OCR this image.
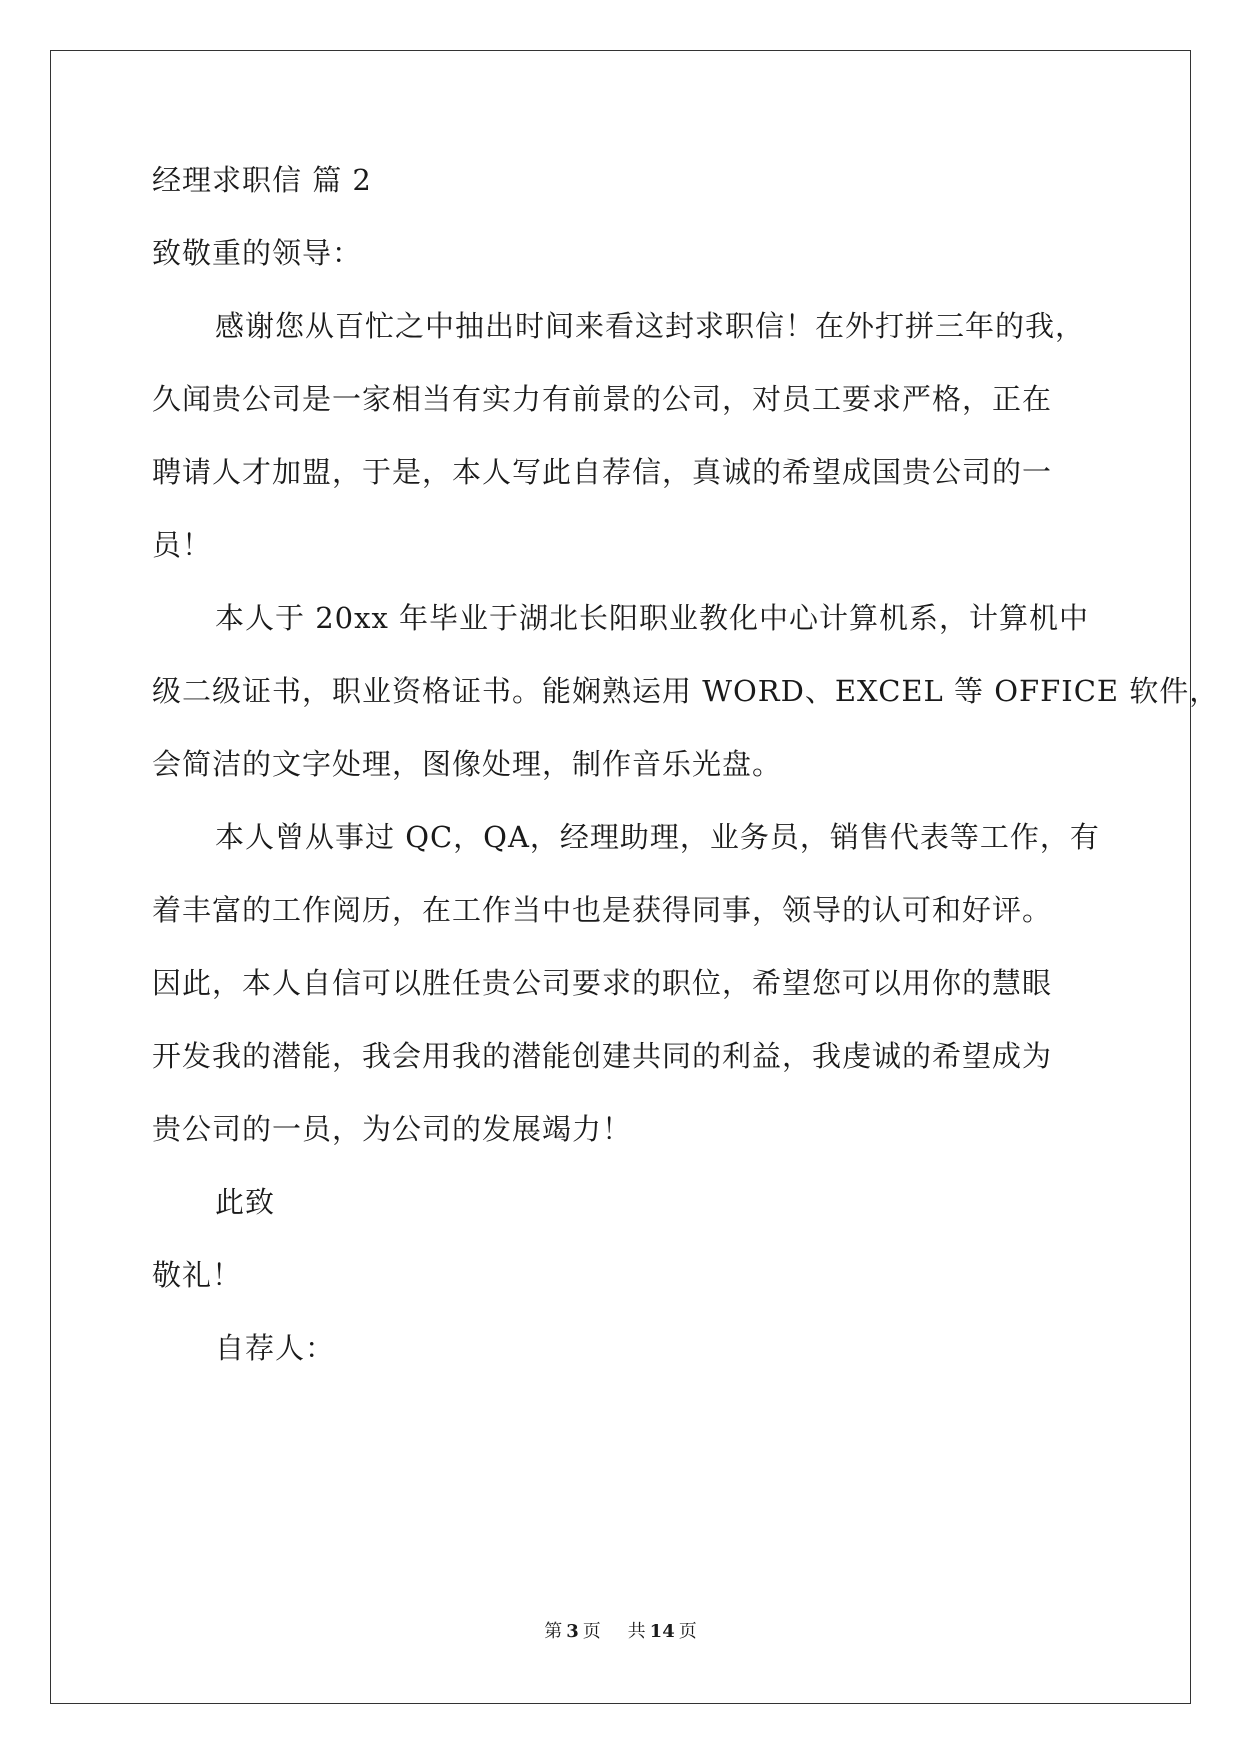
经理求职信 篇 2
致敬重的领导：
感谢您从百忙之中抽出时间来看这封求职信！在外打拼三年的我，
久闻贵公司是一家相当有实力有前景的公司，对员工要求严格，正在
聘请人才加盟，于是，本人写此自荐信，真诚的希望成国贵公司的一
员！
本人于 20xx 年毕业于湖北长阳职业教化中心计算机系，计算机中
级二级证书，职业资格证书。能娴熟运用 WORD、EXCEL 等 OFFICE 软件，
会简洁的文字处理，图像处理，制作音乐光盘。
本人曾从事过 QC，QA，经理助理，业务员，销售代表等工作，有
着丰富的工作阅历，在工作当中也是获得同事，领导的认可和好评。
因此，本人自信可以胜任贵公司要求的职位，希望您可以用你的慧眼
开发我的潜能，我会用我的潜能创建共同的利益，我虔诚的希望成为
贵公司的一员，为公司的发展竭力！
此致
敬礼！
自荐人：
第 3 页 共 14 页
